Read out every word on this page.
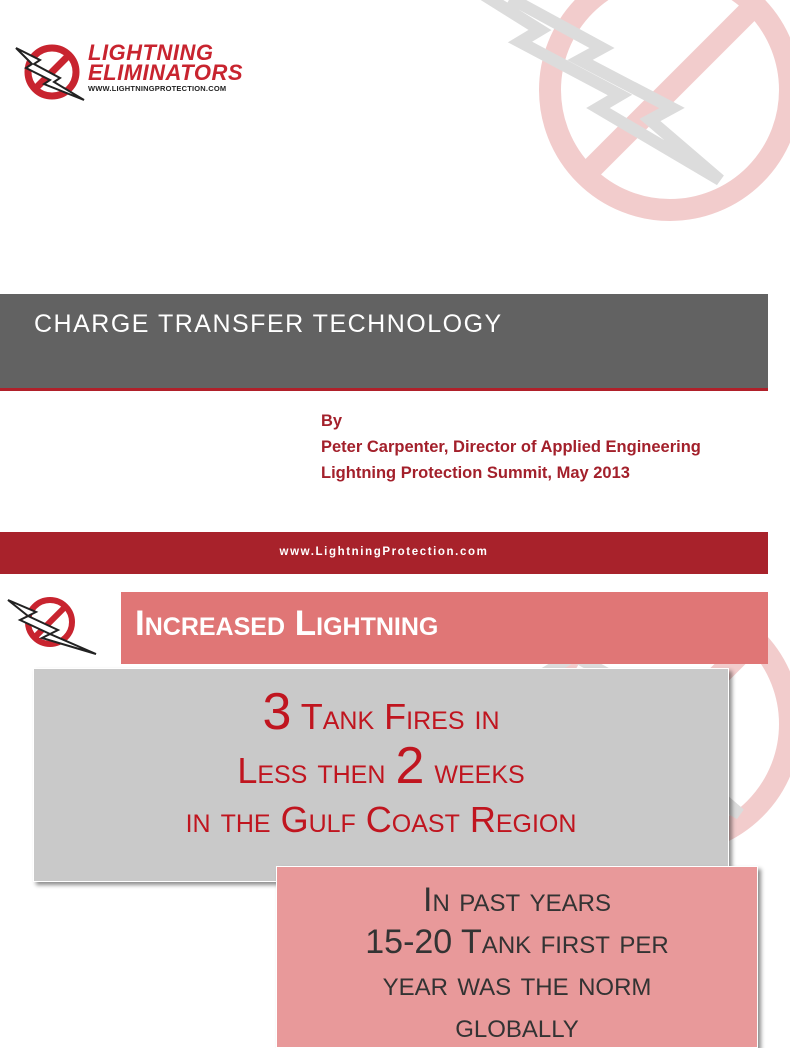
LIGHTNING
ELIMINATORS
WWW.LIGHTNINGPROTECTION.COM
CHARGE TRANSFER TECHNOLOGY
By
Peter Carpenter, Director of Applied Engineering
Lightning Protection Summit, May 2013
www.LightningProtection.com
Increased Lightning
3 Tank Fires in
Less then 2 weeks
in the Gulf Coast Region
In past years
15-20 Tank first per
year was the norm
globally
